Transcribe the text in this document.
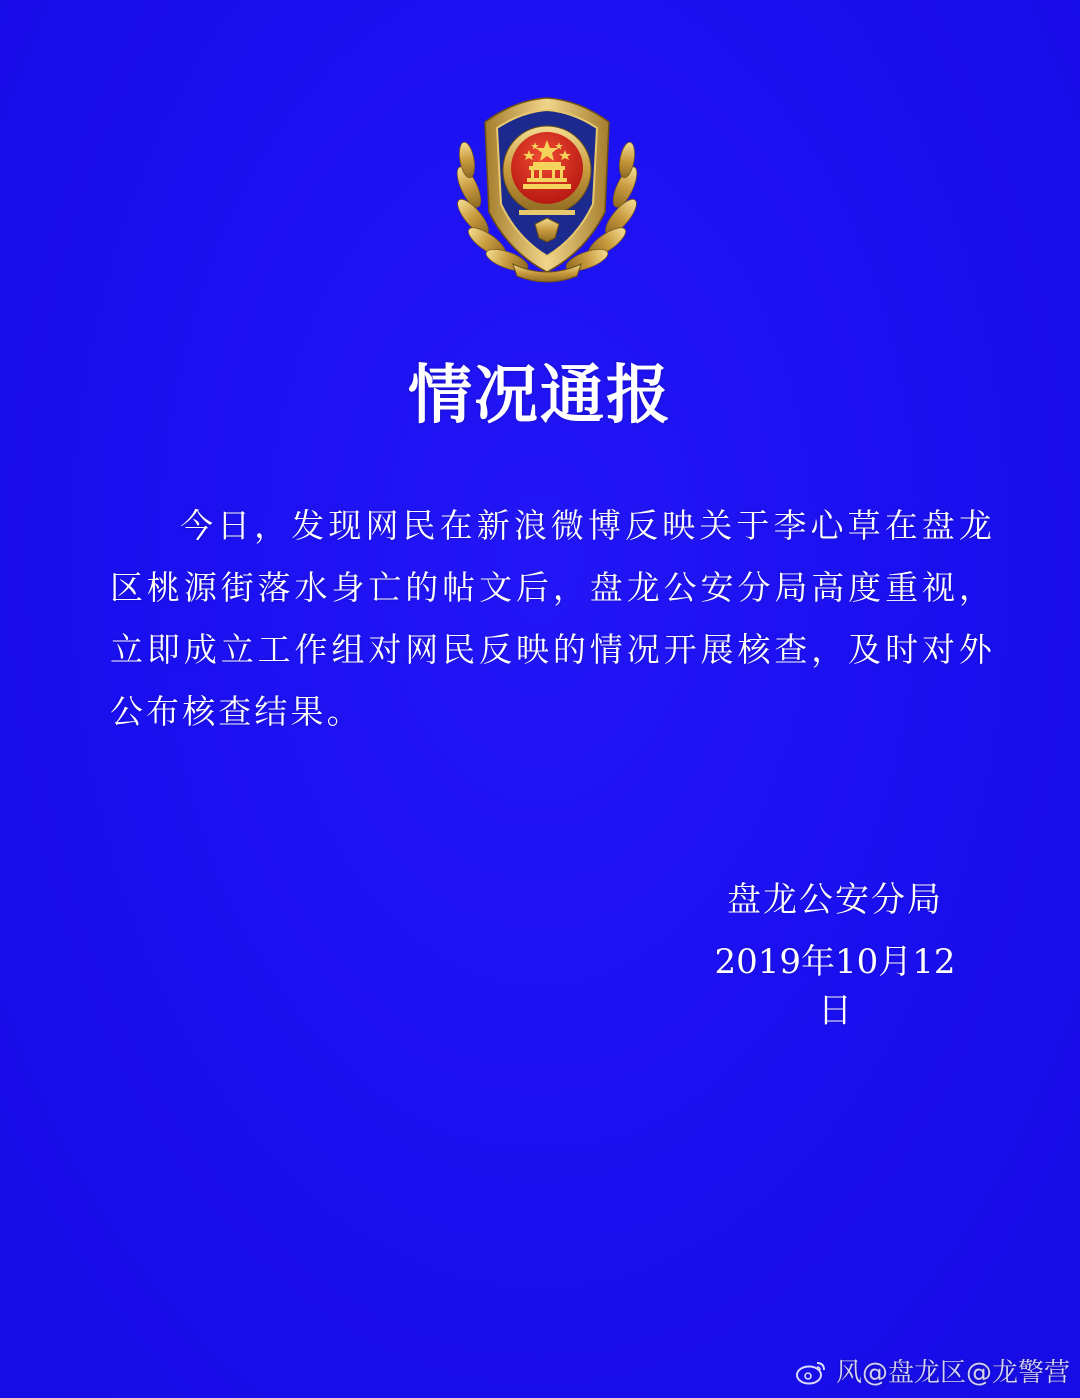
情况通报

今日，发现网民在新浪微博反映关于李心草在盘龙区桃源街落水身亡的帖文后，盘龙公安分局高度重视，立即成立工作组对网民反映的情况开展核查，及时对外公布核查结果。

盘龙公安分局
2019年10月12日
风@盘龙区@龙警营
